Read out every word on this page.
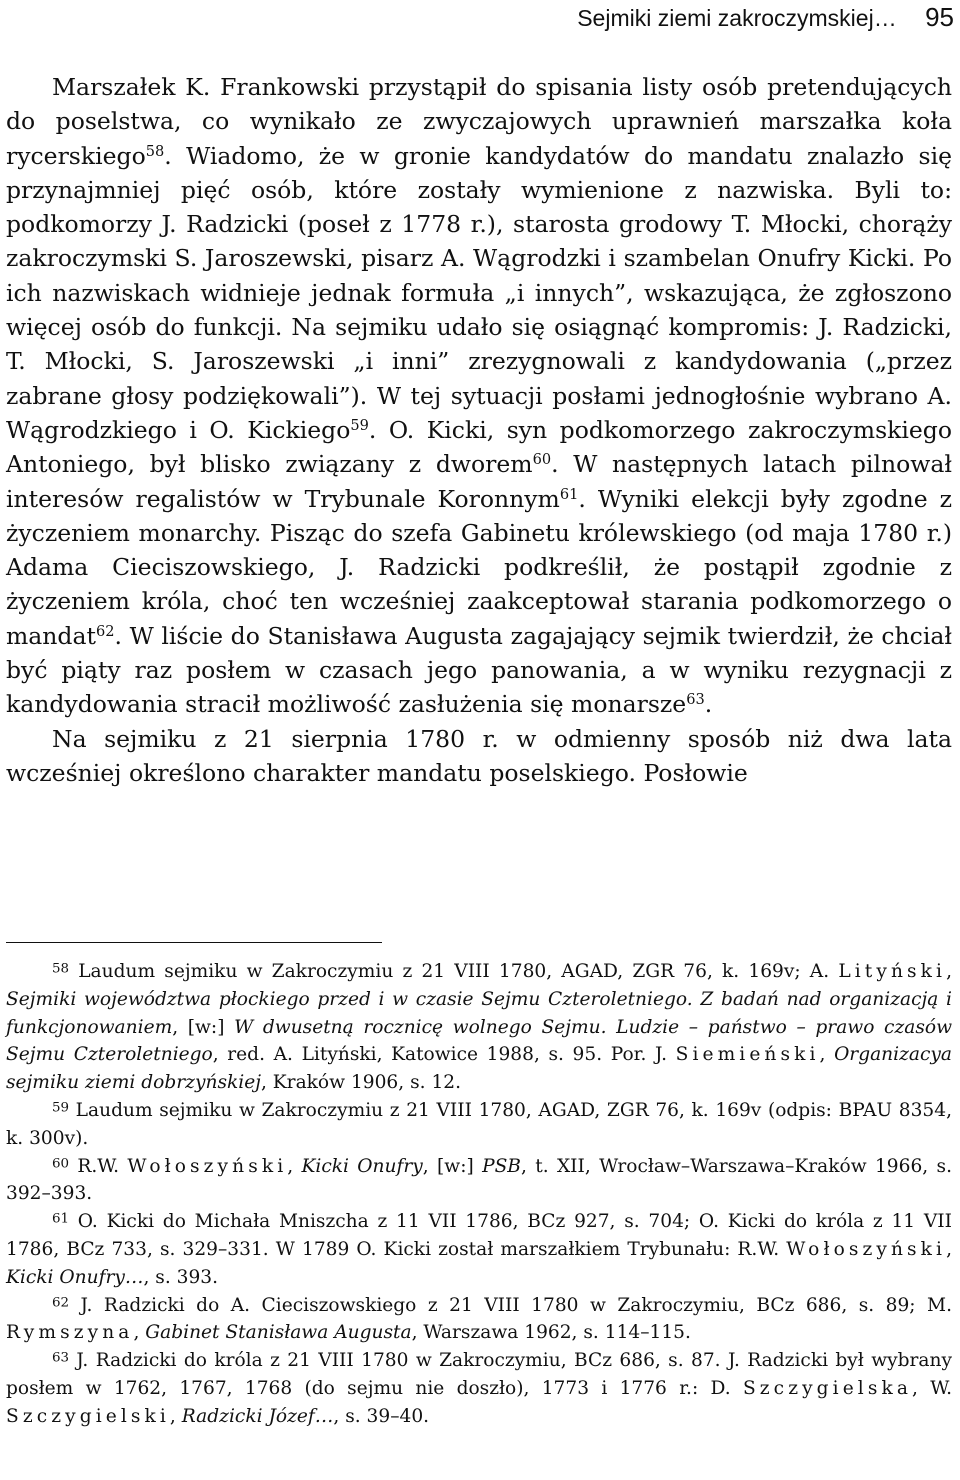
Sejmiki ziemi zakroczymskiej… 95

Marszałek K. Frankowski przystąpił do spisania listy osób pretendujących do poselstwa, co wynikało ze zwyczajowych uprawnień marszałka koła rycerskiego$^{58}$. Wiadomo, że w gronie kandydatów do mandatu znalazło się przynajmniej pięć osób, które zostały wymienione z nazwiska. Byli to: podkomorzy J. Radzicki (poseł z 1778 r.), starosta grodowy T. Młocki, chorąży zakroczymski S. Jaroszewski, pisarz A. Wągrodzki i szambelan Onufry Kicki. Po ich nazwiskach widnieje jednak formuła „i innych”, wskazująca, że zgłoszono więcej osób do funkcji. Na sejmiku udało się osiągnąć kompromis: J. Radzicki, T. Młocki, S. Jaroszewski „i inni” zrezygnowali z kandydowania („przez zabrane głosy podziękowali”). W tej sytuacji posłami jednogłośnie wybrano A. Wągrodzkiego i O. Kickiego$^{59}$. O. Kicki, syn podkomorzego zakroczymskiego Antoniego, był blisko związany z dworem$^{60}$. W następnych latach pilnował interesów regalistów w Trybunale Koronnym$^{61}$. Wyniki elekcji były zgodne z życzeniem monarchy. Pisząc do szefa Gabinetu królewskiego (od maja 1780 r.) Adama Cieciszowskiego, J. Radzicki podkreślił, że postąpił zgodnie z życzeniem króla, choć ten wcześniej zaakceptował starania podkomorzego o mandat$^{62}$. W liście do Stanisława Augusta zagajający sejmik twierdził, że chciał być piąty raz posłem w czasach jego panowania, a w wyniku rezygnacji z kandydowania stracił możliwość zasłużenia się monarsze$^{63}$.

Na sejmiku z 21 sierpnia 1780 r. w odmienny sposób niż dwa lata wcześniej określono charakter mandatu poselskiego. Posłowie

$^{58}$ Laudum sejmiku w Zakroczymiu z 21 VIII 1780, AGAD, ZGR 76, k. 169v; A. Lityński, Sejmiki województwa płockiego przed i w czasie Sejmu Czteroletniego. Z badań nad organizacją i funkcjonowaniem, [w:] W dwusetną rocznicę wolnego Sejmu. Ludzie – państwo – prawo czasów Sejmu Czteroletniego, red. A. Lityński, Katowice 1988, s. 95. Por. J. Siemieński, Organizacya sejmiku ziemi dobrzyńskiej, Kraków 1906, s. 12.

$^{59}$ Laudum sejmiku w Zakroczymiu z 21 VIII 1780, AGAD, ZGR 76, k. 169v (odpis: BPAU 8354, k. 300v).

$^{60}$ R.W. Wołoszyński, Kicki Onufry, [w:] PSB, t. XII, Wrocław–Warszawa–Kraków 1966, s. 392–393.

$^{61}$ O. Kicki do Michała Mniszcha z 11 VII 1786, BCz 927, s. 704; O. Kicki do króla z 11 VII 1786, BCz 733, s. 329–331. W 1789 O. Kicki został marszałkiem Trybunału: R.W. Wołoszyński, Kicki Onufry…, s. 393.

$^{62}$ J. Radzicki do A. Cieciszowskiego z 21 VIII 1780 w Zakroczymiu, BCz 686, s. 89; M. Rymszyna, Gabinet Stanisława Augusta, Warszawa 1962, s. 114–115.

$^{63}$ J. Radzicki do króla z 21 VIII 1780 w Zakroczymiu, BCz 686, s. 87. J. Radzicki był wybrany posłem w 1762, 1767, 1768 (do sejmu nie doszło), 1773 i 1776 r.: D. Szczygielska, W. Szczygielski, Radzicki Józef…, s. 39–40.
